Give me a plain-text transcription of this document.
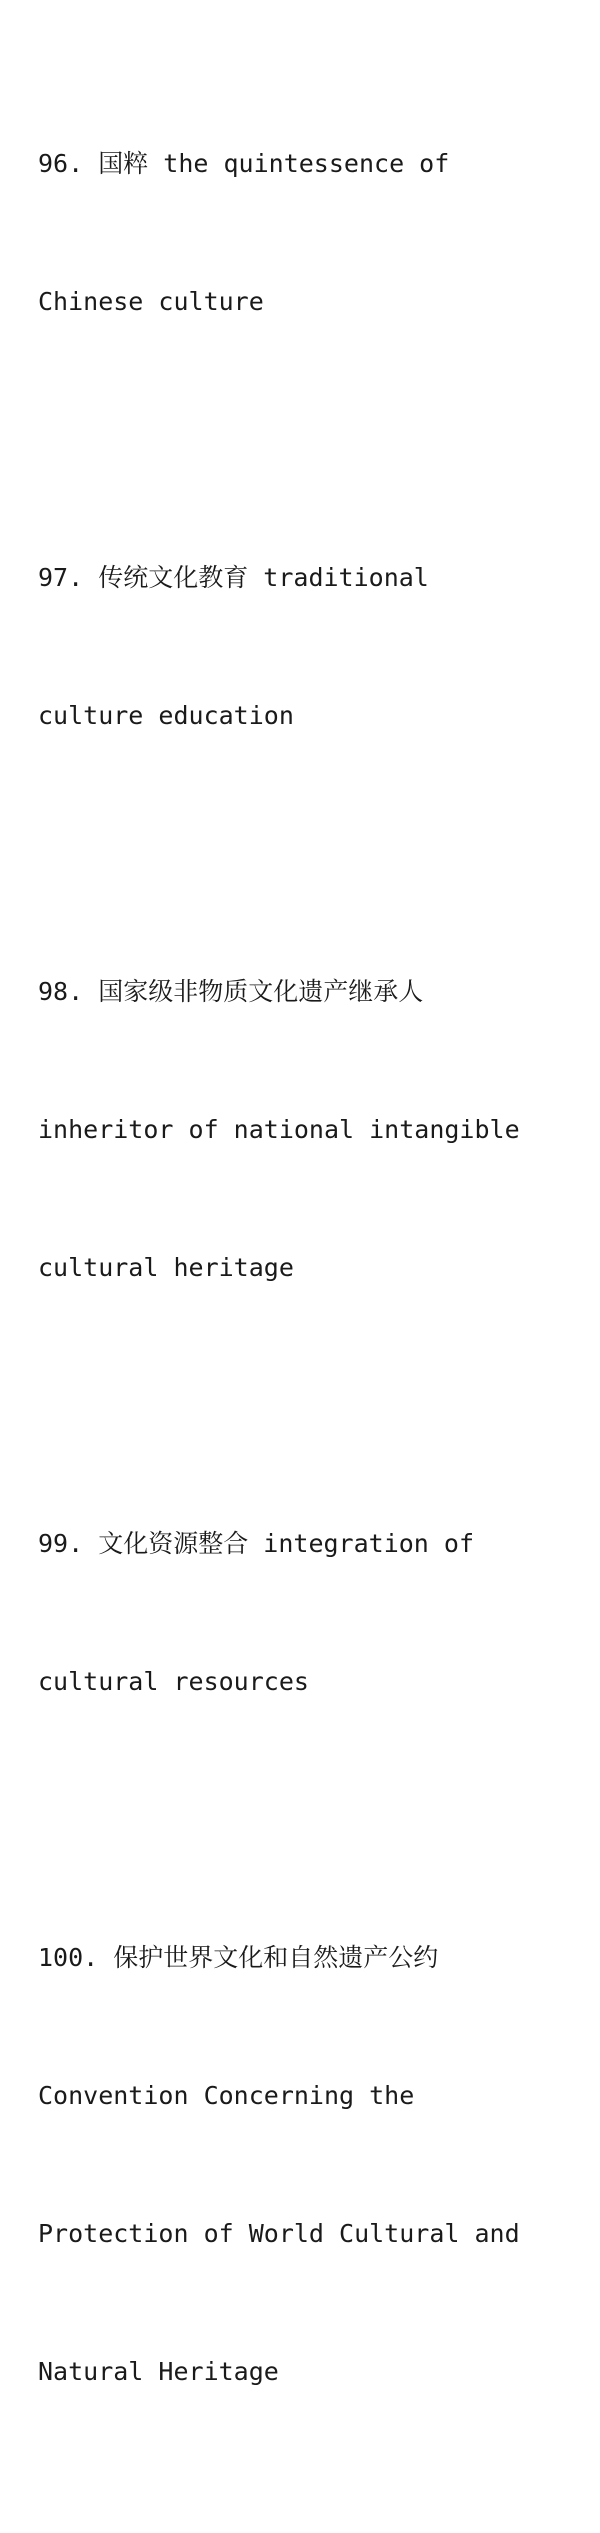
96. 国粹 the quintessence of

Chinese culture

97. 传统文化教育 traditional

culture education

98. 国家级非物质文化遗产继承人

inheritor of national intangible

cultural heritage

99. 文化资源整合 integration of

cultural resources

100. 保护世界文化和自然遗产公约

Convention Concerning the

Protection of World Cultural and

Natural Heritage
